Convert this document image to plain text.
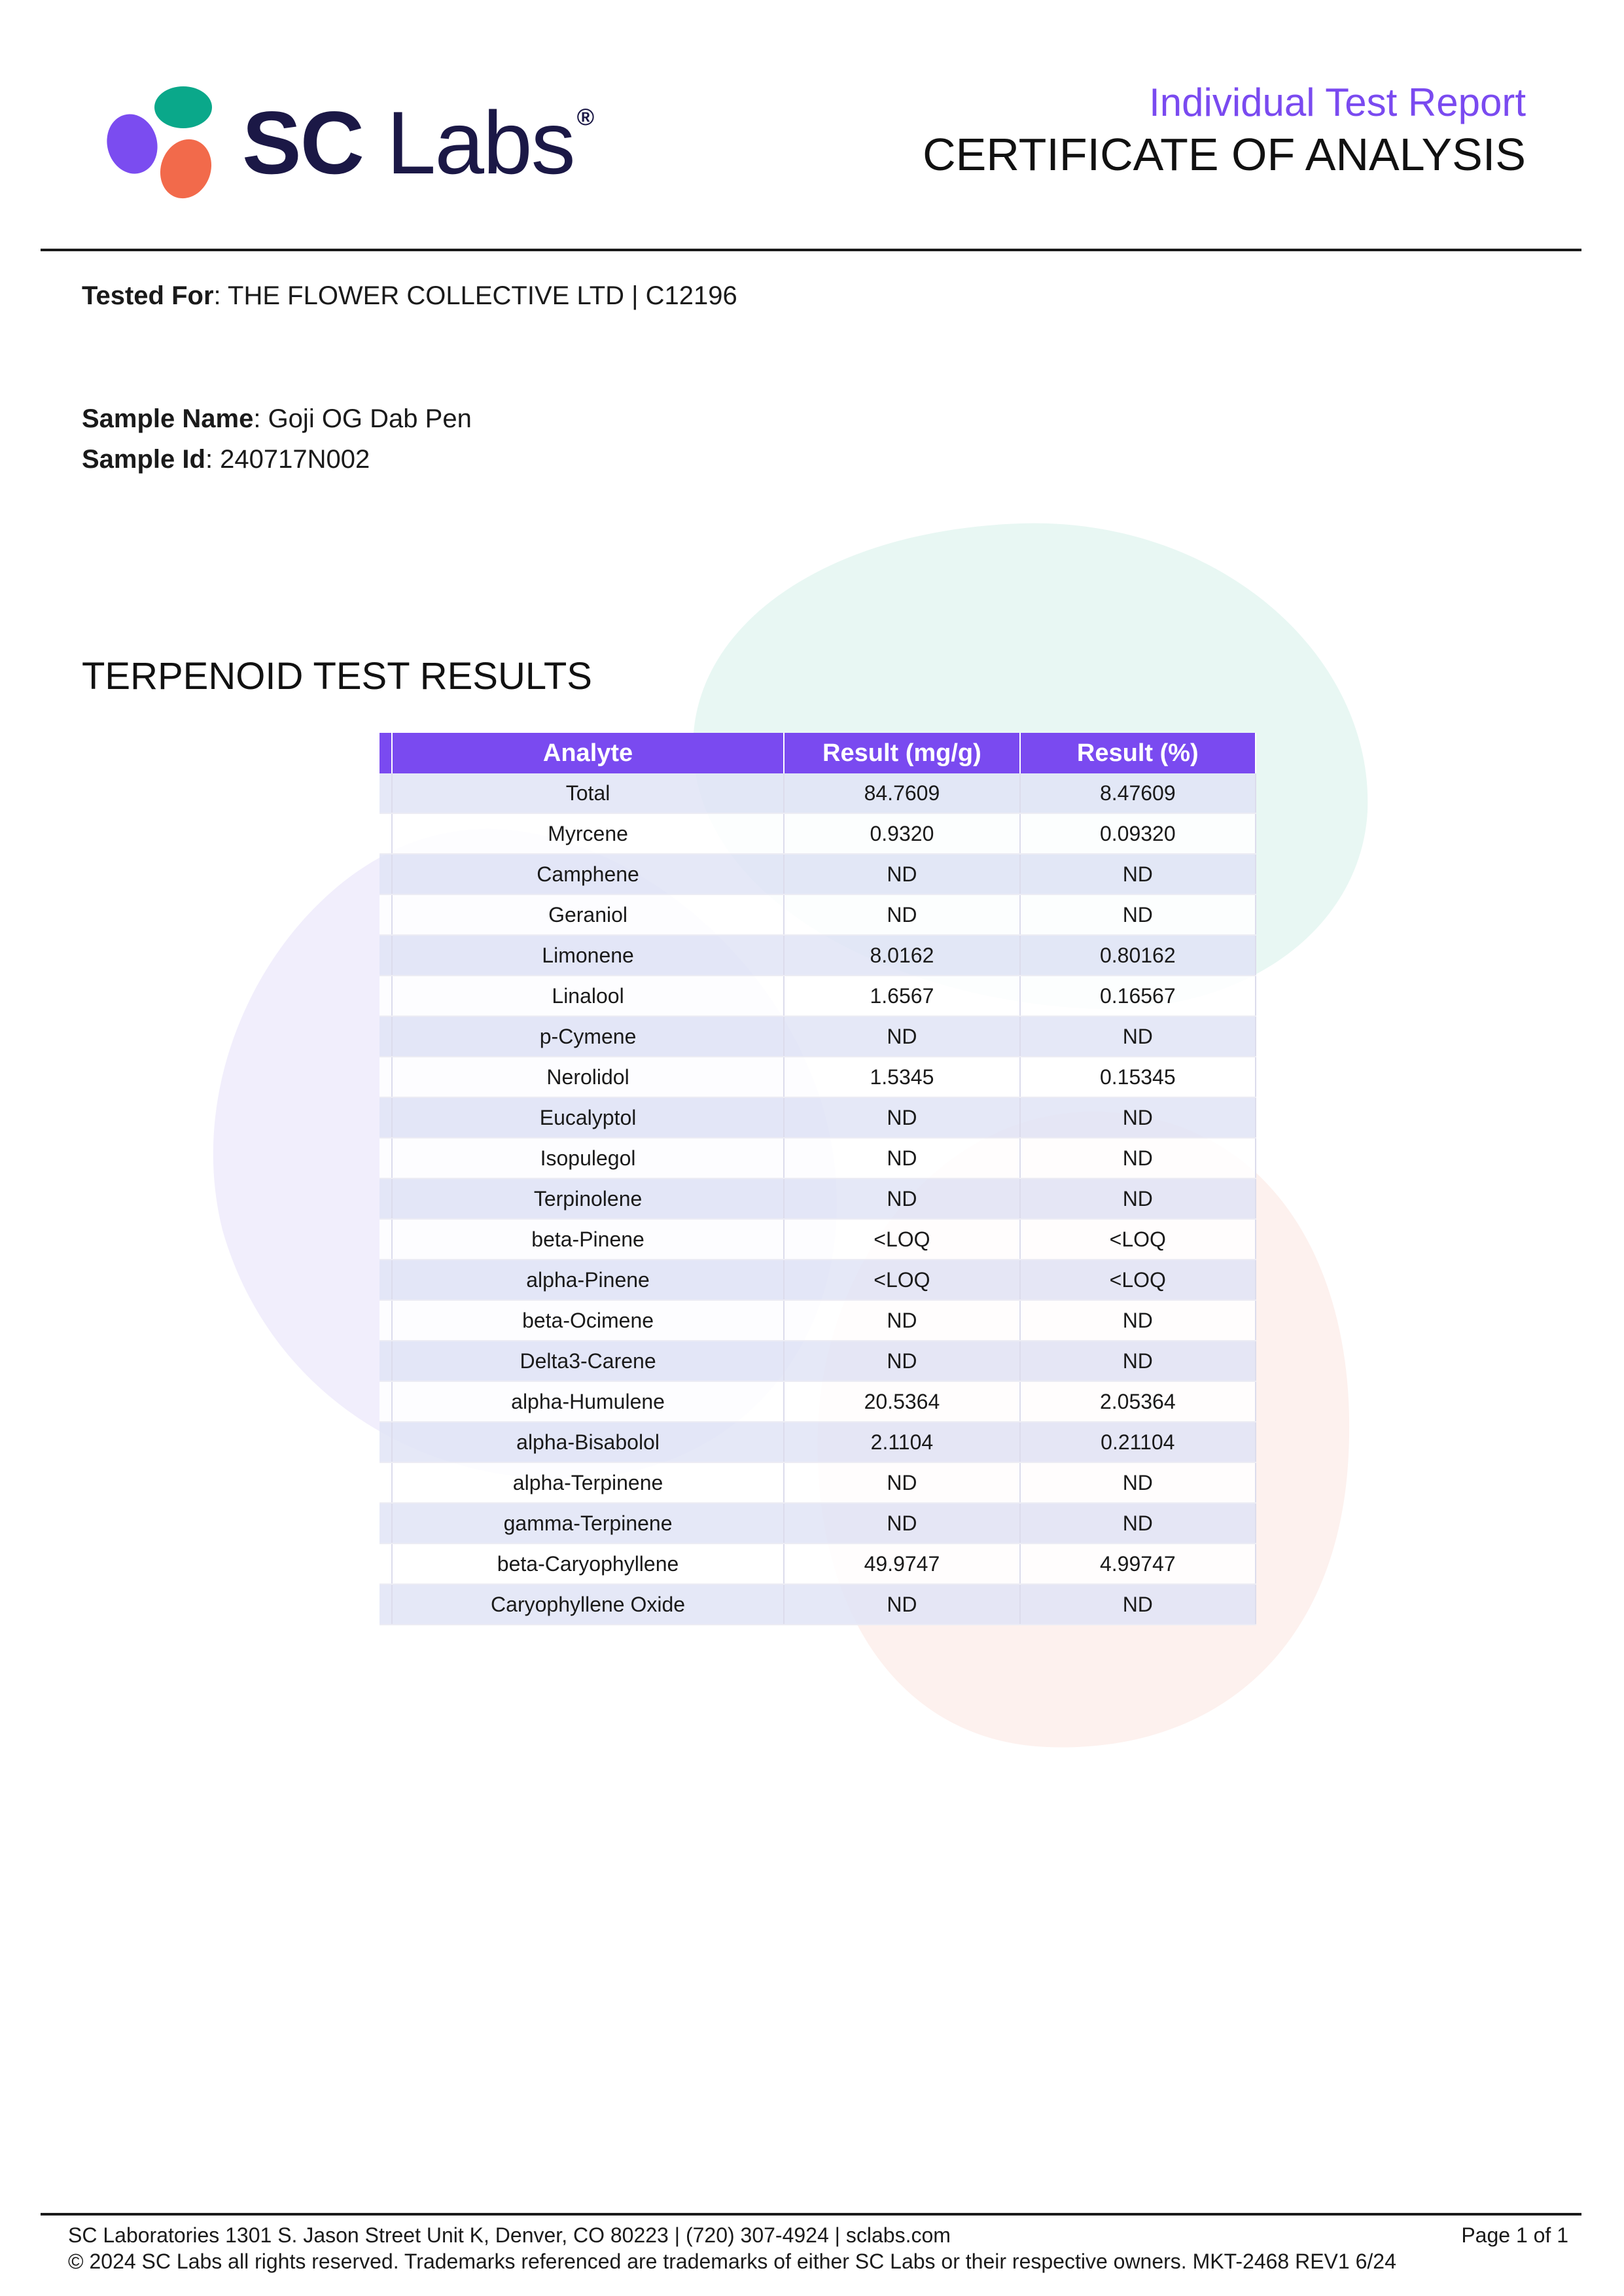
SC Labs ®	Individual Test Report
CERTIFICATE OF ANALYSIS
Tested For: THE FLOWER COLLECTIVE LTD | C12196
Sample Name: Goji OG Dab Pen
Sample Id: 240717N002
TERPENOID TEST RESULTS
	Analyte	Result (mg/g)	Result (%)
	Total	84.7609	8.47609
	Myrcene	0.9320	0.09320
	Camphene	ND	ND
	Geraniol	ND	ND
	Limonene	8.0162	0.80162
	Linalool	1.6567	0.16567
	p-Cymene	ND	ND
	Nerolidol	1.5345	0.15345
	Eucalyptol	ND	ND
	Isopulegol	ND	ND
	Terpinolene	ND	ND
	beta-Pinene	<LOQ	<LOQ
	alpha-Pinene	<LOQ	<LOQ
	beta-Ocimene	ND	ND
	Delta3-Carene	ND	ND
	alpha-Humulene	20.5364	2.05364
	alpha-Bisabolol	2.1104	0.21104
	alpha-Terpinene	ND	ND
	gamma-Terpinene	ND	ND
	beta-Caryophyllene	49.9747	4.99747
	Caryophyllene Oxide	ND	ND
SC Laboratories 1301 S. Jason Street Unit K, Denver, CO 80223 | (720) 307-4924 | sclabs.com
© 2024 SC Labs all rights reserved. Trademarks referenced are trademarks of either SC Labs or their respective owners. MKT-2468 REV1 6/24
Page 1 of 1
